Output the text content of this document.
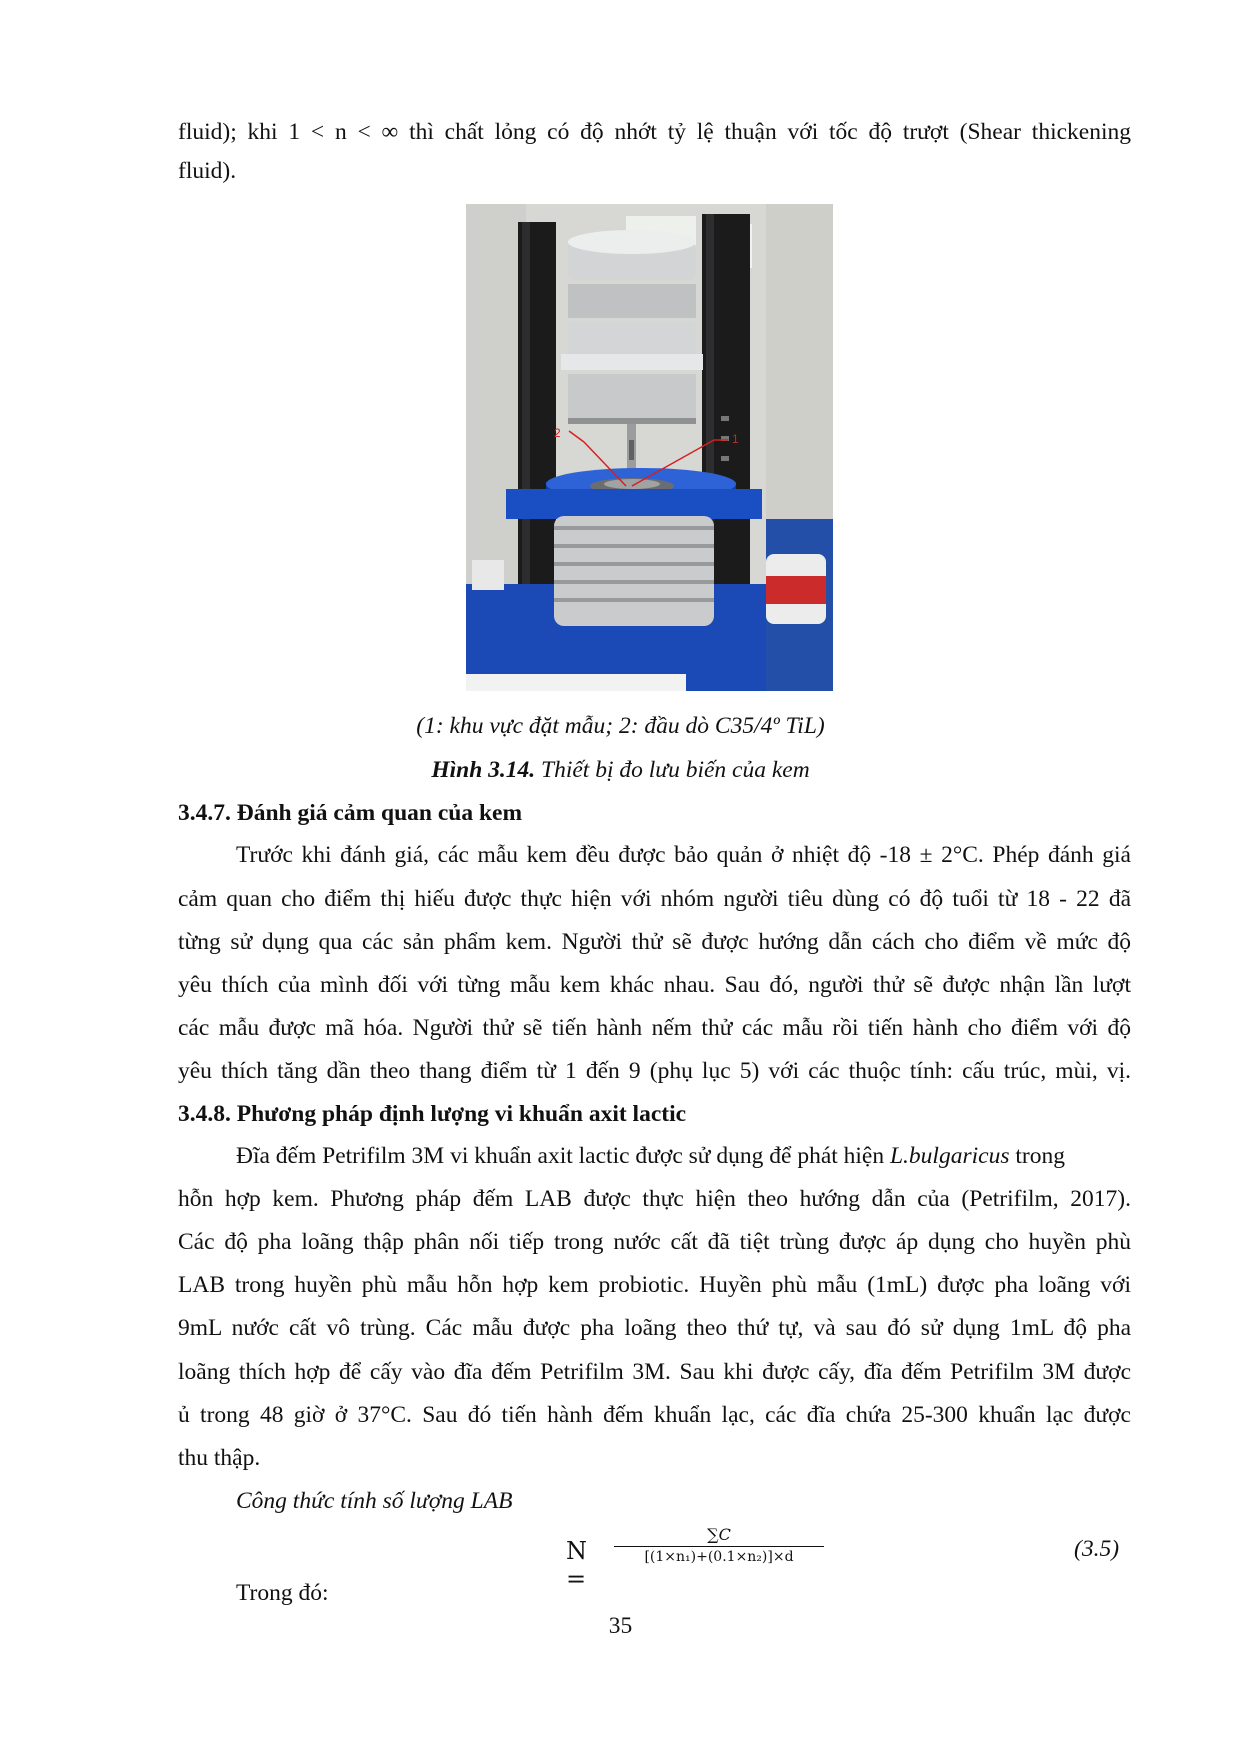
fluid); khi 1 < n < ∞ thì chất lỏng có độ nhớt tỷ lệ thuận với tốc độ trượt (Shear thickening
fluid).
2	1
(1: khu vực đặt mẫu; 2: đầu dò C35/4º TiL)
Hình 3.14. Thiết bị đo lưu biến của kem
3.4.7. Đánh giá cảm quan của kem
Trước khi đánh giá, các mẫu kem đều được bảo quản ở nhiệt độ -18 ± 2°C. Phép đánh giá
cảm quan cho điểm thị hiếu được thực hiện với nhóm người tiêu dùng có độ tuổi từ 18 - 22 đã
từng sử dụng qua các sản phẩm kem. Người thử sẽ được hướng dẫn cách cho điểm về mức độ
yêu thích của mình đối với từng mẫu kem khác nhau. Sau đó, người thử sẽ được nhận lần lượt
các mẫu được mã hóa. Người thử sẽ tiến hành nếm thử các mẫu rồi tiến hành cho điểm với độ
yêu thích tăng dần theo thang điểm từ 1 đến 9 (phụ lục 5) với các thuộc tính: cấu trúc, mùi, vị.
3.4.8. Phương pháp định lượng vi khuẩn axit lactic
Đĩa đếm Petrifilm 3M vi khuẩn axit lactic được sử dụng để phát hiện L.bulgaricus trong
hỗn hợp kem. Phương pháp đếm LAB được thực hiện theo hướng dẫn của (Petrifilm, 2017).
Các độ pha loãng thập phân nối tiếp trong nước cất đã tiệt trùng được áp dụng cho huyền phù
LAB trong huyền phù mẫu hỗn hợp kem probiotic. Huyền phù mẫu (1mL) được pha loãng với
9mL nước cất vô trùng. Các mẫu được pha loãng theo thứ tự, và sau đó sử dụng 1mL độ pha
loãng thích hợp để cấy vào đĩa đếm Petrifilm 3M. Sau khi được cấy, đĩa đếm Petrifilm 3M được
ủ trong 48 giờ ở 37°C. Sau đó tiến hành đếm khuẩn lạc, các đĩa chứa 25-300 khuẩn lạc được
thu thập.
Công thức tính số lượng LAB
N =
∑C
[(1×n₁)+(0.1×n₂)]×d	(3.5)
Trong đó:
35
